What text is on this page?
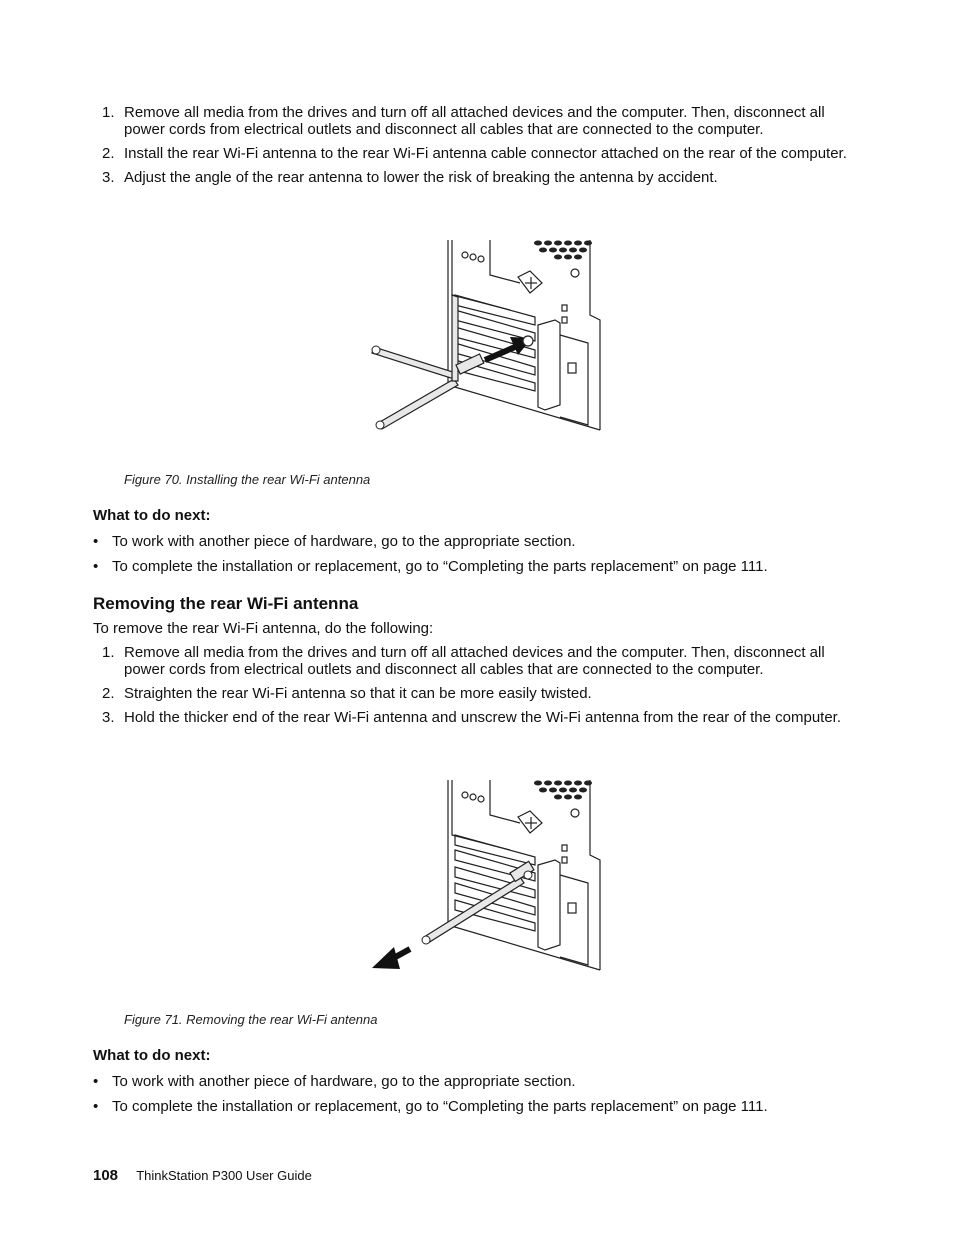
1. Remove all media from the drives and turn off all attached devices and the computer. Then, disconnect all power cords from electrical outlets and disconnect all cables that are connected to the computer.
2. Install the rear Wi-Fi antenna to the rear Wi-Fi antenna cable connector attached on the rear of the computer.
3. Adjust the angle of the rear antenna to lower the risk of breaking the antenna by accident.
Figure 70. Installing the rear Wi-Fi antenna
What to do next:
• To work with another piece of hardware, go to the appropriate section.
• To complete the installation or replacement, go to “Completing the parts replacement” on page 111.
Removing the rear Wi-Fi antenna
To remove the rear Wi-Fi antenna, do the following:
1. Remove all media from the drives and turn off all attached devices and the computer. Then, disconnect all power cords from electrical outlets and disconnect all cables that are connected to the computer.
2. Straighten the rear Wi-Fi antenna so that it can be more easily twisted.
3. Hold the thicker end of the rear Wi-Fi antenna and unscrew the Wi-Fi antenna from the rear of the computer.
Figure 71. Removing the rear Wi-Fi antenna
What to do next:
• To work with another piece of hardware, go to the appropriate section.
• To complete the installation or replacement, go to “Completing the parts replacement” on page 111.
108 ThinkStation P300 User Guide
